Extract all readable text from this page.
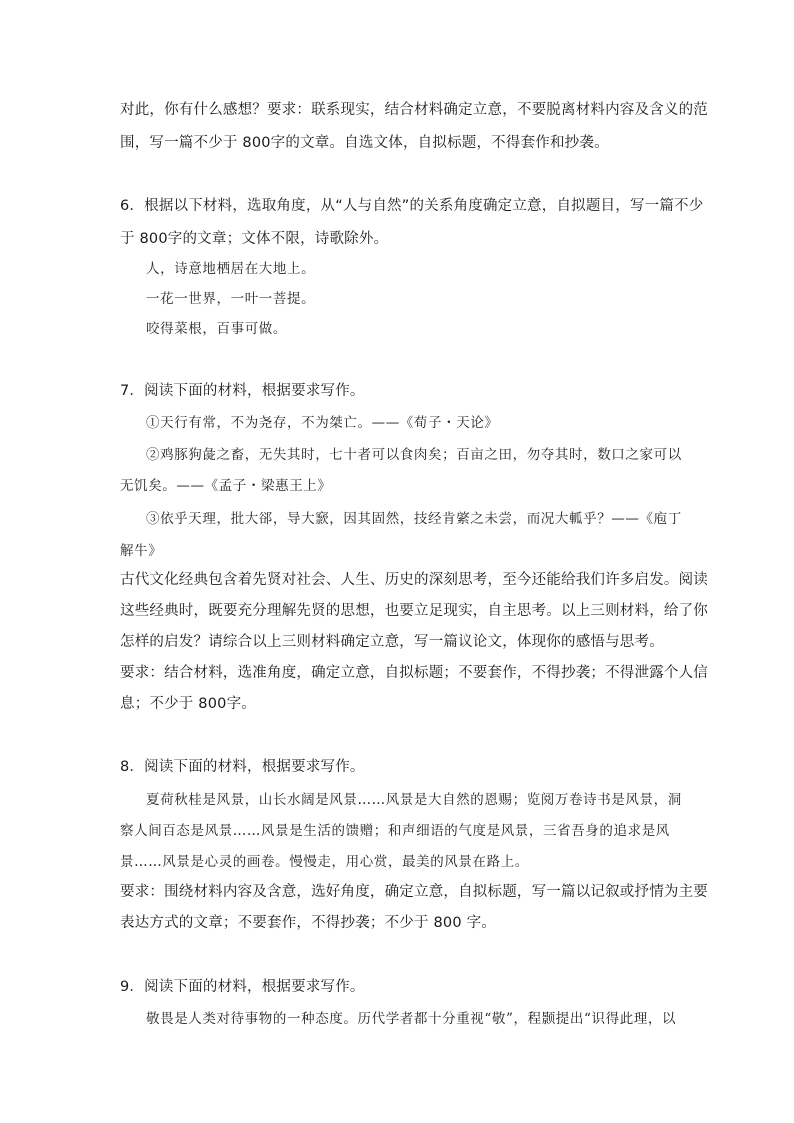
对此，你有什么感想？要求：联系现实，结合材料确定立意，不要脱离材料内容及含义的范
围，写一篇不少于 800字的文章。自选文体，自拟标题，不得套作和抄袭。
6．根据以下材料，选取角度，从“人与自然”的关系角度确定立意，自拟题目，写一篇不少
于 800字的文章；文体不限，诗歌除外。
人，诗意地栖居在大地上。
一花一世界，一叶一菩提。
咬得菜根，百事可做。
7．阅读下面的材料，根据要求写作。
①天行有常，不为尧存，不为桀亡。——《荀子・天论》
②鸡豚狗彘之畜，无失其时，七十者可以食肉矣；百亩之田，勿夺其时，数口之家可以
无饥矣。——《孟子・梁惠王上》
③依乎天理，批大郤，导大窾，因其固然，技经肯綮之未尝，而况大軱乎？——《庖丁
解牛》
古代文化经典包含着先贤对社会、人生、历史的深刻思考，至今还能给我们许多启发。阅读
这些经典时，既要充分理解先贤的思想，也要立足现实，自主思考。以上三则材料，给了你
怎样的启发？请综合以上三则材料确定立意，写一篇议论文，体现你的感悟与思考。
要求：结合材料，选准角度，确定立意，自拟标题；不要套作，不得抄袭；不得泄露个人信
息；不少于 800字。
8．阅读下面的材料，根据要求写作。
夏荷秋桂是风景，山长水阔是风景……风景是大自然的恩赐；览阅万卷诗书是风景，洞
察人间百态是风景……风景是生活的馈赠；和声细语的气度是风景，三省吾身的追求是风
景……风景是心灵的画卷。慢慢走，用心赏，最美的风景在路上。
要求：围绕材料内容及含意，选好角度，确定立意，自拟标题，写一篇以记叙或抒情为主要
表达方式的文章；不要套作，不得抄袭；不少于 800 字。
9．阅读下面的材料，根据要求写作。
敬畏是人类对待事物的一种态度。历代学者都十分重视“敬”，程颢提出“识得此理，以
